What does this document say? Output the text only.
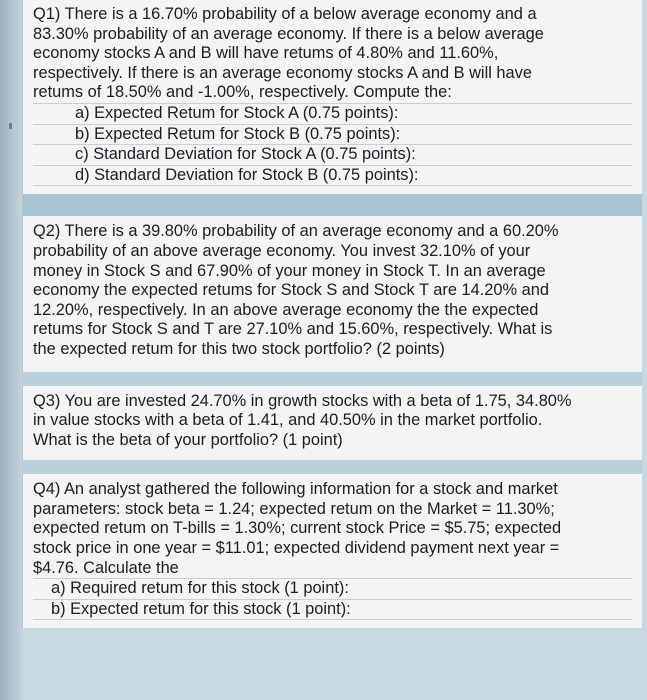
Q1) There is a 16.70% probability of a below average economy and a
83.30% probability of an average economy. If there is a below average
economy stocks A and B will have retums of 4.80% and 11.60%,
respectively. If there is an average economy stocks A and B will have
retums of 18.50% and -1.00%, respectively. Compute the:

a) Expected Retum for Stock A (0.75 points):
b) Expected Retum for Stock B (0.75 points):
c) Standard Deviation for Stock A (0.75 points):
d) Standard Deviation for Stock B (0.75 points):

Q2) There is a 39.80% probability of an average economy and a 60.20%
probability of an above average economy. You invest 32.10% of your
money in Stock S and 67.90% of your money in Stock T. In an average
economy the expected retums for Stock S and Stock T are 14.20% and
12.20%, respectively. In an above average economy the the expected
retums for Stock S and T are 27.10% and 15.60%, respectively. What is
the expected retum for this two stock portfolio? (2 points)

Q3) You are invested 24.70% in growth stocks with a beta of 1.75, 34.80%
in value stocks with a beta of 1.41, and 40.50% in the market portfolio.
What is the beta of your portfolio? (1 point)

Q4) An analyst gathered the following information for a stock and market
parameters: stock beta = 1.24; expected retum on the Market = 11.30%;
expected retum on T-bills = 1.30%; current stock Price = $5.75; expected
stock price in one year = $11.01; expected dividend payment next year =
$4.76. Calculate the

a) Required retum for this stock (1 point):
b) Expected retum for this stock (1 point):
